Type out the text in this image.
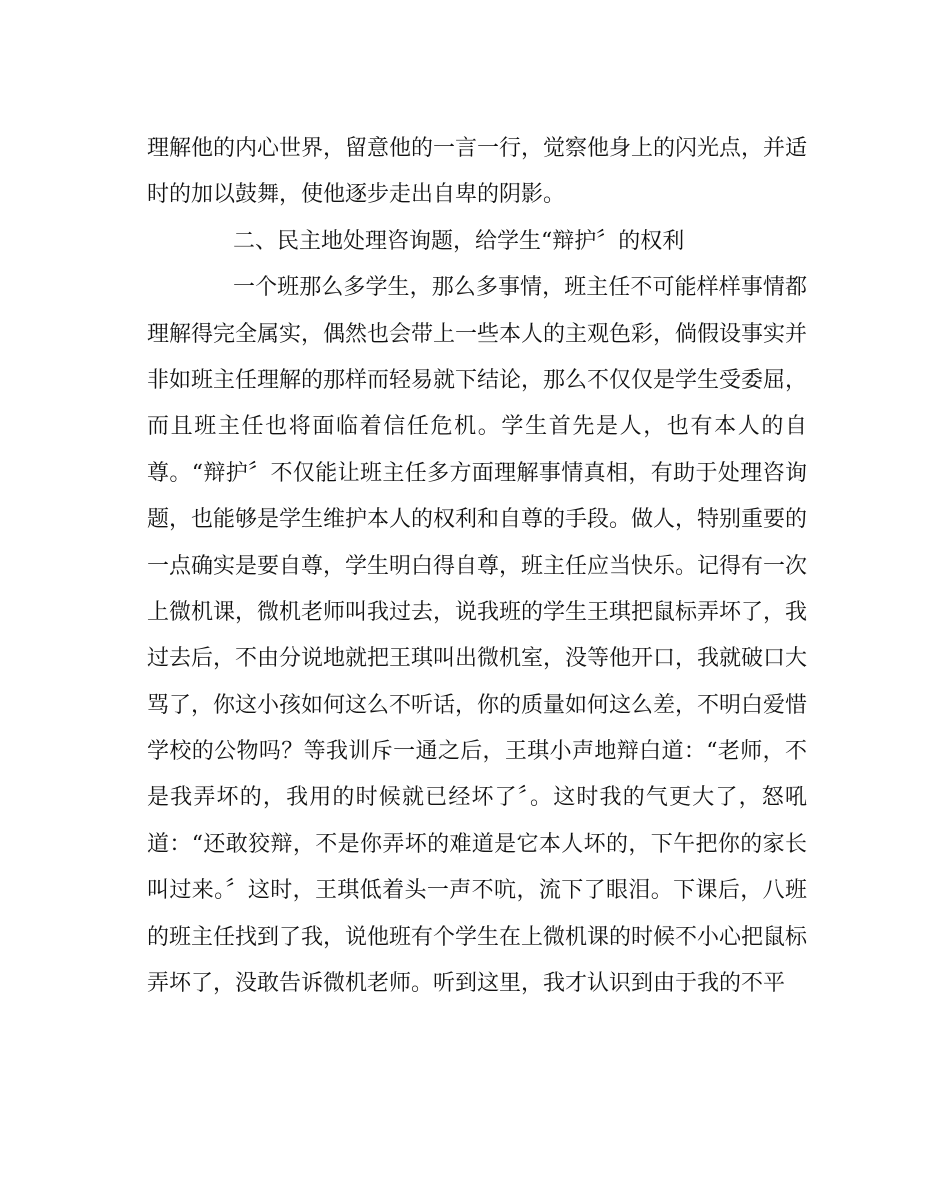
理解他的内心世界，留意他的一言一行，觉察他身上的闪光点，并适
时的加以鼓舞，使他逐步走出自卑的阴影。
二、民主地处理咨询题，给学生“辩护〞的权利
一个班那么多学生，那么多事情，班主任不可能样样事情都
理解得完全属实，偶然也会带上一些本人的主观色彩，倘假设事实并
非如班主任理解的那样而轻易就下结论，那么不仅仅是学生受委屈，
而且班主任也将面临着信任危机。学生首先是人，也有本人的自
尊。“辩护〞不仅能让班主任多方面理解事情真相，有助于处理咨询
题，也能够是学生维护本人的权利和自尊的手段。做人，特别重要的
一点确实是要自尊，学生明白得自尊，班主任应当快乐。记得有一次
上微机课，微机老师叫我过去，说我班的学生王琪把鼠标弄坏了，我
过去后，不由分说地就把王琪叫出微机室，没等他开口，我就破口大
骂了，你这小孩如何这么不听话，你的质量如何这么差，不明白爱惜
学校的公物吗？等我训斥一通之后，王琪小声地辩白道：“老师，不
是我弄坏的，我用的时候就已经坏了〞。这时我的气更大了，怒吼
道：“还敢狡辩，不是你弄坏的难道是它本人坏的，下午把你的家长
叫过来。〞这时，王琪低着头一声不吭，流下了眼泪。下课后，八班
的班主任找到了我，说他班有个学生在上微机课的时候不小心把鼠标
弄坏了，没敢告诉微机老师。听到这里，我才认识到由于我的不平
